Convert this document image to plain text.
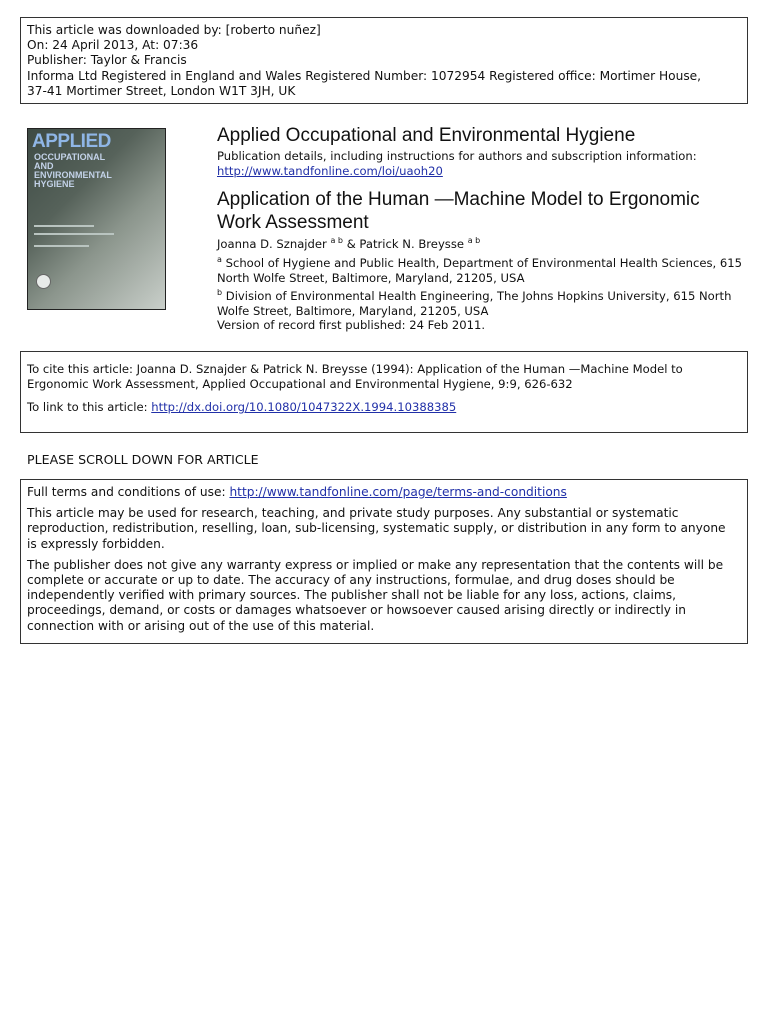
This article was downloaded by: [roberto nuñez]
On: 24 April 2013, At: 07:36
Publisher: Taylor & Francis
Informa Ltd Registered in England and Wales Registered Number: 1072954 Registered office: Mortimer House,
37-41 Mortimer Street, London W1T 3JH, UK
APPLIED
OCCUPATIONAL
AND
ENVIRONMENTAL
HYGIENE
Applied Occupational and Environmental Hygiene
Publication details, including instructions for authors and subscription information:
http://www.tandfonline.com/loi/uaoh20
Application of the Human —Machine Model to Ergonomic Work Assessment
Joanna D. Sznajder $^{a b}$ & Patrick N. Breysse $^{a b}$
$^a$ School of Hygiene and Public Health, Department of Environmental Health Sciences, 615 North Wolfe Street, Baltimore, Maryland, 21205, USA
$^b$ Division of Environmental Health Engineering, The Johns Hopkins University, 615 North Wolfe Street, Baltimore, Maryland, 21205, USA
Version of record first published: 24 Feb 2011.
To cite this article: Joanna D. Sznajder & Patrick N. Breysse (1994): Application of the Human —Machine Model to Ergonomic Work Assessment, Applied Occupational and Environmental Hygiene, 9:9, 626-632
To link to this article: http://dx.doi.org/10.1080/1047322X.1994.10388385
PLEASE SCROLL DOWN FOR ARTICLE

Full terms and conditions of use: http://www.tandfonline.com/page/terms-and-conditions

This article may be used for research, teaching, and private study purposes. Any substantial or systematic reproduction, redistribution, reselling, loan, sub-licensing, systematic supply, or distribution in any form to anyone is expressly forbidden.

The publisher does not give any warranty express or implied or make any representation that the contents will be complete or accurate or up to date. The accuracy of any instructions, formulae, and drug doses should be independently verified with primary sources. The publisher shall not be liable for any loss, actions, claims, proceedings, demand, or costs or damages whatsoever or howsoever caused arising directly or indirectly in connection with or arising out of the use of this material.
